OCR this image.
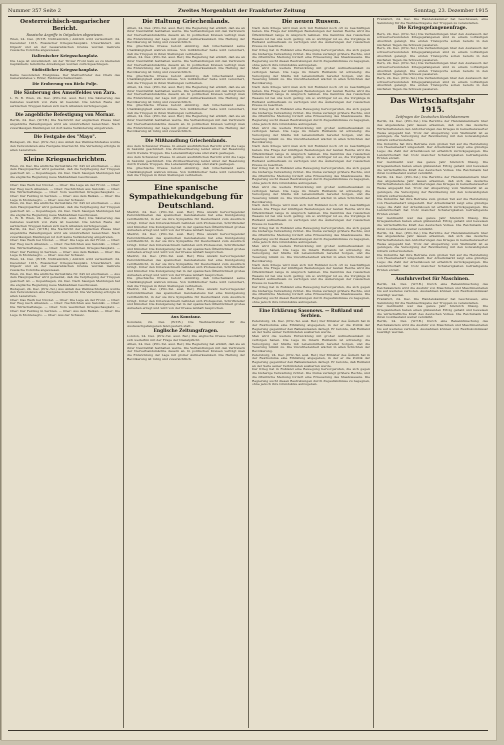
Nummer 357 Seite 2	Zweites Morgenblatt der Frankfurter Zeitung	Sonntag, 23. Dezember 1915
Oesterreichisch-ungarischer Bericht.
Russische Angriffe in Ostgalizien abgewiesen.
Wien, 24. Dez. (W.T.B. Nichtamtlich.) Amtlich wird verlautbart: 24. Dezember 1915. Russischer Kriegsschauplatz. Unverändert. Am Dnjestr und an der bessarabischen Grenze wurden mehrere russische Vorstöße abgewiesen.
Italienischer Kriegsschauplatz.
Die Lage ist unverändert. An der Tiroler Front kam es zu kleineren Geplänkeln; feindliche Abteilungen wurden zurückgeschlagen.
Südöstlicher Kriegsschauplatz.
Keine besonderen Ereignisse. Der Stellvertreter des Chefs des Generalstabes v. Höfer, Feldmarschalleutnant.
Die Eroberung von Bielo Polje.
Die Säuberung des Amselfeldes von Zara.
L. W. B. Wien, 24. Dez. (Priv.-Tel. ausl. Ber.) Die Säuberung des Gebietes westlich von Zara ist beendet. Die letzten Reste der serbischen Truppen haben sich nach Albanien zurückgezogen.
Die angebliche Befestigung von Mornar.
Berlin, 24. Dez. (W.T.B.) Die Nachricht der englischen Presse über angebliche Befestigungen wird als unzutreffend bezeichnet. Nach zuverlässigen Meldungen ist dort keine Veränderung eingetreten.
Die Festgabe des "Mayo".
Budapest, 24. Dez. (Priv.-Tel.) Aus Anlaß des Weihnachtsfestes wurde den Verwundeten eine Festgabe überreicht. Die Verteilung erfolgte in allen Lazaretten.
Kleine Kriegsnachrichten.
Wien, 24. Dez. Die amtliche Verlustliste Nr. 345 ist erschienen. — Aus dem Hauptquartier wird gemeldet, daß die Verpflegung der Truppen gesichert ist. — Kopenhagen, 24. Dez. Nach hiesigen Meldungen hat die englische Regierung neue Maßnahmen beschlossen.
Ober: Das Werk bei Nicolet. — Ober: Die Lage an der Front. — Ober: Der Weg nach Albanien. — Ober: Nachrichten aus Saloniki. — Ober: Die Wirtschaftslage. — Ober: Vom westlichen Kriegsschauplatz. — Ober: Der Feldzug in Serbien. — Ober: Aus dem Balkan. — Ober: Die Lage in Montenegro. — Ober: Aus der Schweiz.
Wien, 24. Dez. Die amtliche Verlustliste Nr. 345 ist erschienen. — Aus dem Hauptquartier wird gemeldet, daß die Verpflegung der Truppen gesichert ist. — Kopenhagen, 24. Dez. Nach hiesigen Meldungen hat die englische Regierung neue Maßnahmen beschlossen.
L. W. B. Wien, 24. Dez. (Priv.-Tel. ausl. Ber.) Die Säuberung des Gebietes westlich von Zara ist beendet. Die letzten Reste der serbischen Truppen haben sich nach Albanien zurückgezogen.
Berlin, 24. Dez. (W.T.B.) Die Nachricht der englischen Presse über angebliche Befestigungen wird als unzutreffend bezeichnet. Nach zuverlässigen Meldungen ist dort keine Veränderung eingetreten.
Ober: Das Werk bei Nicolet. — Ober: Die Lage an der Front. — Ober: Der Weg nach Albanien. — Ober: Nachrichten aus Saloniki. — Ober: Die Wirtschaftslage. — Ober: Vom westlichen Kriegsschauplatz. — Ober: Der Feldzug in Serbien. — Ober: Aus dem Balkan. — Ober: Die Lage in Montenegro. — Ober: Aus der Schweiz.
Wien, 24. Dez. (W.T.B. Nichtamtlich.) Amtlich wird verlautbart: 24. Dezember 1915. Russischer Kriegsschauplatz. Unverändert. Am Dnjestr und an der bessarabischen Grenze wurden mehrere russische Vorstöße abgewiesen.
Wien, 24. Dez. Die amtliche Verlustliste Nr. 345 ist erschienen. — Aus dem Hauptquartier wird gemeldet, daß die Verpflegung der Truppen gesichert ist. — Kopenhagen, 24. Dez. Nach hiesigen Meldungen hat die englische Regierung neue Maßnahmen beschlossen.
Budapest, 24. Dez. (Priv.-Tel.) Aus Anlaß des Weihnachtsfestes wurde den Verwundeten eine Festgabe überreicht. Die Verteilung erfolgte in allen Lazaretten.
Ober: Das Werk bei Nicolet. — Ober: Die Lage an der Front. — Ober: Der Weg nach Albanien. — Ober: Nachrichten aus Saloniki. — Ober: Die Wirtschaftslage. — Ober: Vom westlichen Kriegsschauplatz. — Ober: Der Feldzug in Serbien. — Ober: Aus dem Balkan. — Ober: Die Lage in Montenegro. — Ober: Aus der Schweiz.
Die Haltung Griechenlands.
Athen, 24. Dez. (Priv.-Tel. ausl. Ber.) Die Regierung hat erklärt, daß sie an ihrer Neutralität festhalten werde. Die Verhandlungen mit den Vertretern der Vierverbandsmächte dauern an. In politischen Kreisen verfolgt man die Entwicklung der Lage mit großer Aufmerksamkeit. Die Haltung der Bevölkerung ist ruhig und zuversichtlich.
Die griechische Presse betont einmütig, daß Griechenland seine Unabhängigkeit wahren müsse. Von militärischer Seite wird versichert, daß die Truppen in ihren Stellungen verbleiben.
Athen, 24. Dez. (Priv.-Tel. ausl. Ber.) Die Regierung hat erklärt, daß sie an ihrer Neutralität festhalten werde. Die Verhandlungen mit den Vertretern der Vierverbandsmächte dauern an. In politischen Kreisen verfolgt man die Entwicklung der Lage mit großer Aufmerksamkeit. Die Haltung der Bevölkerung ist ruhig und zuversichtlich.
Die griechische Presse betont einmütig, daß Griechenland seine Unabhängigkeit wahren müsse. Von militärischer Seite wird versichert, daß die Truppen in ihren Stellungen verbleiben.
Athen, 24. Dez. (Priv.-Tel. ausl. Ber.) Die Regierung hat erklärt, daß sie an ihrer Neutralität festhalten werde. Die Verhandlungen mit den Vertretern der Vierverbandsmächte dauern an. In politischen Kreisen verfolgt man die Entwicklung der Lage mit großer Aufmerksamkeit. Die Haltung der Bevölkerung ist ruhig und zuversichtlich.
Die griechische Presse betont einmütig, daß Griechenland seine Unabhängigkeit wahren müsse. Von militärischer Seite wird versichert, daß die Truppen in ihren Stellungen verbleiben.
Athen, 24. Dez. (Priv.-Tel. ausl. Ber.) Die Regierung hat erklärt, daß sie an ihrer Neutralität festhalten werde. Die Verhandlungen mit den Vertretern der Vierverbandsmächte dauern an. In politischen Kreisen verfolgt man die Entwicklung der Lage mit großer Aufmerksamkeit. Die Haltung der Bevölkerung ist ruhig und zuversichtlich.
Die Mißhandlung Griechenlands.
Aus dem Schweizer Presse. In einem ausführlichen Bericht wird die Lage in Saloniki geschildert. Die Zivilbevölkerung leidet unter der Besetzung durch fremde Truppen. Die Lebensmittelpreise sind stark gestiegen.
Aus dem Schweizer Presse. In einem ausführlichen Bericht wird die Lage in Saloniki geschildert. Die Zivilbevölkerung leidet unter der Besetzung durch fremde Truppen. Die Lebensmittelpreise sind stark gestiegen.
Die griechische Presse betont einmütig, daß Griechenland seine Unabhängigkeit wahren müsse. Von militärischer Seite wird versichert, daß die Truppen in ihren Stellungen verbleiben.
Eine spanische Sympathiekundgebung für Deutschland.
Madrid, 24. Dez. (Priv.-Tel. ausl. Ber.) Eine Anzahl hervorragender Persönlichkeiten des spanischen Geisteslebens hat eine Kundgebung veröffentlicht, in der sie ihre Sympathie für Deutschland zum Ausdruck bringt. Unter den Unterzeichnern befinden sich Professoren, Schriftsteller und Künstler. Die Kundgebung hat in der spanischen Öffentlichkeit großes Aufsehen erregt und wird von der Presse lebhaft besprochen.
Madrid, 24. Dez. (Priv.-Tel. ausl. Ber.) Eine Anzahl hervorragender Persönlichkeiten des spanischen Geisteslebens hat eine Kundgebung veröffentlicht, in der sie ihre Sympathie für Deutschland zum Ausdruck bringt. Unter den Unterzeichnern befinden sich Professoren, Schriftsteller und Künstler. Die Kundgebung hat in der spanischen Öffentlichkeit großes Aufsehen erregt und wird von der Presse lebhaft besprochen.
Madrid, 24. Dez. (Priv.-Tel. ausl. Ber.) Eine Anzahl hervorragender Persönlichkeiten des spanischen Geisteslebens hat eine Kundgebung veröffentlicht, in der sie ihre Sympathie für Deutschland zum Ausdruck bringt. Unter den Unterzeichnern befinden sich Professoren, Schriftsteller und Künstler. Die Kundgebung hat in der spanischen Öffentlichkeit großes Aufsehen erregt und wird von der Presse lebhaft besprochen.
Die griechische Presse betont einmütig, daß Griechenland seine Unabhängigkeit wahren müsse. Von militärischer Seite wird versichert, daß die Truppen in ihren Stellungen verbleiben.
Madrid, 24. Dez. (Priv.-Tel. ausl. Ber.) Eine Anzahl hervorragender Persönlichkeiten des spanischen Geisteslebens hat eine Kundgebung veröffentlicht, in der sie ihre Sympathie für Deutschland zum Ausdruck bringt. Unter den Unterzeichnern befinden sich Professoren, Schriftsteller und Künstler. Die Kundgebung hat in der spanischen Öffentlichkeit großes Aufsehen erregt und wird von der Presse lebhaft besprochen.
Aus Konstanz.
Konstanz, 24. Dez. (W.T.B.) Die Weihnachtsfeier für die Austauschgefangenen fand gestern statt.
Englische Zeitungsfragen.
London, 24. Dez. (Priv.-Tel. ausl. Ber.) Die englische Presse beschäftigt sich weiterhin mit der Frage der Dienstpflicht.
Athen, 24. Dez. (Priv.-Tel. ausl. Ber.) Die Regierung hat erklärt, daß sie an ihrer Neutralität festhalten werde. Die Verhandlungen mit den Vertretern der Vierverbandsmächte dauern an. In politischen Kreisen verfolgt man die Entwicklung der Lage mit großer Aufmerksamkeit. Die Haltung der Bevölkerung ist ruhig und zuversichtlich.
Die neuen Russen.
Nach dem Kriege wird man sich mit Rußland noch oft zu beschäftigen haben. Die Frage der künftigen Beziehungen der beiden Reiche wird die Öffentlichkeit lange in Anspruch nehmen. Die Kenntnis des russischen Wesens ist bei uns noch gering; um so wichtiger ist es, die Vorgänge in Rußland aufmerksam zu verfolgen und die Äußerungen der russischen Presse zu beachten.
Der Krieg hat in Rußland eine Bewegung hervorgerufen, die sich gegen die bisherige Verwaltung richtet. Die Duma verlangt größere Rechte, und die öffentliche Meinung fordert eine Erneuerung des Staatswesens. Die Regierung sucht diesen Bestrebungen durch Zugeständnisse zu begegnen, ohne jedoch ihre Grundsätze aufzugeben.
Man wird die weitere Entwicklung mit großer Aufmerksamkeit zu verfolgen haben. Die Lage im Innern Rußlands ist schwierig; die Versorgung der Städte mit Lebensmitteln bereitet Sorgen, und die Teuerung nimmt zu. Die Unzufriedenheit wächst in allen Schichten der Bevölkerung.
Nach dem Kriege wird man sich mit Rußland noch oft zu beschäftigen haben. Die Frage der künftigen Beziehungen der beiden Reiche wird die Öffentlichkeit lange in Anspruch nehmen. Die Kenntnis des russischen Wesens ist bei uns noch gering; um so wichtiger ist es, die Vorgänge in Rußland aufmerksam zu verfolgen und die Äußerungen der russischen Presse zu beachten.
Der Krieg hat in Rußland eine Bewegung hervorgerufen, die sich gegen die bisherige Verwaltung richtet. Die Duma verlangt größere Rechte, und die öffentliche Meinung fordert eine Erneuerung des Staatswesens. Die Regierung sucht diesen Bestrebungen durch Zugeständnisse zu begegnen, ohne jedoch ihre Grundsätze aufzugeben.
Man wird die weitere Entwicklung mit großer Aufmerksamkeit zu verfolgen haben. Die Lage im Innern Rußlands ist schwierig; die Versorgung der Städte mit Lebensmitteln bereitet Sorgen, und die Teuerung nimmt zu. Die Unzufriedenheit wächst in allen Schichten der Bevölkerung.
Nach dem Kriege wird man sich mit Rußland noch oft zu beschäftigen haben. Die Frage der künftigen Beziehungen der beiden Reiche wird die Öffentlichkeit lange in Anspruch nehmen. Die Kenntnis des russischen Wesens ist bei uns noch gering; um so wichtiger ist es, die Vorgänge in Rußland aufmerksam zu verfolgen und die Äußerungen der russischen Presse zu beachten.
Der Krieg hat in Rußland eine Bewegung hervorgerufen, die sich gegen die bisherige Verwaltung richtet. Die Duma verlangt größere Rechte, und die öffentliche Meinung fordert eine Erneuerung des Staatswesens. Die Regierung sucht diesen Bestrebungen durch Zugeständnisse zu begegnen, ohne jedoch ihre Grundsätze aufzugeben.
Man wird die weitere Entwicklung mit großer Aufmerksamkeit zu verfolgen haben. Die Lage im Innern Rußlands ist schwierig; die Versorgung der Städte mit Lebensmitteln bereitet Sorgen, und die Teuerung nimmt zu. Die Unzufriedenheit wächst in allen Schichten der Bevölkerung.
Nach dem Kriege wird man sich mit Rußland noch oft zu beschäftigen haben. Die Frage der künftigen Beziehungen der beiden Reiche wird die Öffentlichkeit lange in Anspruch nehmen. Die Kenntnis des russischen Wesens ist bei uns noch gering; um so wichtiger ist es, die Vorgänge in Rußland aufmerksam zu verfolgen und die Äußerungen der russischen Presse zu beachten.
Der Krieg hat in Rußland eine Bewegung hervorgerufen, die sich gegen die bisherige Verwaltung richtet. Die Duma verlangt größere Rechte, und die öffentliche Meinung fordert eine Erneuerung des Staatswesens. Die Regierung sucht diesen Bestrebungen durch Zugeständnisse zu begegnen, ohne jedoch ihre Grundsätze aufzugeben.
Man wird die weitere Entwicklung mit großer Aufmerksamkeit zu verfolgen haben. Die Lage im Innern Rußlands ist schwierig; die Versorgung der Städte mit Lebensmitteln bereitet Sorgen, und die Teuerung nimmt zu. Die Unzufriedenheit wächst in allen Schichten der Bevölkerung.
Nach dem Kriege wird man sich mit Rußland noch oft zu beschäftigen haben. Die Frage der künftigen Beziehungen der beiden Reiche wird die Öffentlichkeit lange in Anspruch nehmen. Die Kenntnis des russischen Wesens ist bei uns noch gering; um so wichtiger ist es, die Vorgänge in Rußland aufmerksam zu verfolgen und die Äußerungen der russischen Presse zu beachten.
Der Krieg hat in Rußland eine Bewegung hervorgerufen, die sich gegen die bisherige Verwaltung richtet. Die Duma verlangt größere Rechte, und die öffentliche Meinung fordert eine Erneuerung des Staatswesens. Die Regierung sucht diesen Bestrebungen durch Zugeständnisse zu begegnen, ohne jedoch ihre Grundsätze aufzugeben.
Eine Erklärung Sasonows. — Rußland und Serbien.
Petersburg, 24. Dez. (Priv.-Tel. ausl. Ber.) Der Minister des Äußern hat in der Reichsduma eine Erklärung abgegeben, in der er die Politik der Regierung gegenüber den Balkanstaaten darlegt. Er betonte, daß Rußland an der Seite seiner Verbündeten ausharren werde.
Man wird die weitere Entwicklung mit großer Aufmerksamkeit zu verfolgen haben. Die Lage im Innern Rußlands ist schwierig; die Versorgung der Städte mit Lebensmitteln bereitet Sorgen, und die Teuerung nimmt zu. Die Unzufriedenheit wächst in allen Schichten der Bevölkerung.
Petersburg, 24. Dez. (Priv.-Tel. ausl. Ber.) Der Minister des Äußern hat in der Reichsduma eine Erklärung abgegeben, in der er die Politik der Regierung gegenüber den Balkanstaaten darlegt. Er betonte, daß Rußland an der Seite seiner Verbündeten ausharren werde.
Der Krieg hat in Rußland eine Bewegung hervorgerufen, die sich gegen die bisherige Verwaltung richtet. Die Duma verlangt größere Rechte, und die öffentliche Meinung fordert eine Erneuerung des Staatswesens. Die Regierung sucht diesen Bestrebungen durch Zugeständnisse zu begegnen, ohne jedoch ihre Grundsätze aufzugeben.
Frankfurt, 24. Dez. Die Handelskammer hat beschlossen, eine Sammlung für die Weihnachtsgabe der Truppen zu veranstalten.
Die Kriegsgefangenenfrage.
Bern, 24. Dez. (Priv.-Tel.) Die Verhandlungen über den Austausch der schwerverwundeten Kriegsgefangenen sind zu einem vorläufigen Abschluß gelangt. Die ersten Transporte sollen bereits in den nächsten Tagen die Schweiz passieren.
Bern, 24. Dez. (Priv.-Tel.) Die Verhandlungen über den Austausch der schwerverwundeten Kriegsgefangenen sind zu einem vorläufigen Abschluß gelangt. Die ersten Transporte sollen bereits in den nächsten Tagen die Schweiz passieren.
Bern, 24. Dez. (Priv.-Tel.) Die Verhandlungen über den Austausch der schwerverwundeten Kriegsgefangenen sind zu einem vorläufigen Abschluß gelangt. Die ersten Transporte sollen bereits in den nächsten Tagen die Schweiz passieren.
Bern, 24. Dez. (Priv.-Tel.) Die Verhandlungen über den Austausch der schwerverwundeten Kriegsgefangenen sind zu einem vorläufigen Abschluß gelangt. Die ersten Transporte sollen bereits in den nächsten Tagen die Schweiz passieren.
Das Wirtschaftsjahr 1915.
Zeitfragen der Deutschen Handelskammern
Berlin, 24. Dez. (Priv.-Tel.) Die Berichte der Handelskammern über das abgelaufene Jahr lassen erkennen, daß sich das deutsche Wirtschaftsleben den Anforderungen des Krieges in bemerkenswerter Weise angepaßt hat. Trotz der Absperrung vom Weltmarkt ist es gelungen, die Versorgung der Bevölkerung mit den notwendigsten Gütern sicherzustellen.
Die Industrie hat ihre Betriebe zum großen Teil auf die Herstellung von Heeresbedarf umgestellt. Der Arbeitsmarkt zeigt eine günstige Lage; die Zahl der Arbeitslosen ist erheblich zurückgegangen. Die Landwirtschaft hat trotz mancher Schwierigkeiten befriedigende Ernten erzielt.
Der Geldmarkt war das ganze Jahr hindurch flüssig. Die Kriegsanleihen haben einen glänzenden Erfolg gehabt und beweisen die wirtschaftliche Kraft des deutschen Volkes. Die Reichsbank hat ihren Goldbestand weiter verstärkt.
Berlin, 24. Dez. (Priv.-Tel.) Die Berichte der Handelskammern über das abgelaufene Jahr lassen erkennen, daß sich das deutsche Wirtschaftsleben den Anforderungen des Krieges in bemerkenswerter Weise angepaßt hat. Trotz der Absperrung vom Weltmarkt ist es gelungen, die Versorgung der Bevölkerung mit den notwendigsten Gütern sicherzustellen.
Die Industrie hat ihre Betriebe zum großen Teil auf die Herstellung von Heeresbedarf umgestellt. Der Arbeitsmarkt zeigt eine günstige Lage; die Zahl der Arbeitslosen ist erheblich zurückgegangen. Die Landwirtschaft hat trotz mancher Schwierigkeiten befriedigende Ernten erzielt.
Der Geldmarkt war das ganze Jahr hindurch flüssig. Die Kriegsanleihen haben einen glänzenden Erfolg gehabt und beweisen die wirtschaftliche Kraft des deutschen Volkes. Die Reichsbank hat ihren Goldbestand weiter verstärkt.
Berlin, 24. Dez. (Priv.-Tel.) Die Berichte der Handelskammern über das abgelaufene Jahr lassen erkennen, daß sich das deutsche Wirtschaftsleben den Anforderungen des Krieges in bemerkenswerter Weise angepaßt hat. Trotz der Absperrung vom Weltmarkt ist es gelungen, die Versorgung der Bevölkerung mit den notwendigsten Gütern sicherzustellen.
Die Industrie hat ihre Betriebe zum großen Teil auf die Herstellung von Heeresbedarf umgestellt. Der Arbeitsmarkt zeigt eine günstige Lage; die Zahl der Arbeitslosen ist erheblich zurückgegangen. Die Landwirtschaft hat trotz mancher Schwierigkeiten befriedigende Ernten erzielt.
Ausfuhrverbot für Maschinen.
Berlin, 24. Dez. (W.T.B.) Durch eine Bekanntmachung des Reichskanzlers wird die Ausfuhr von Maschinen und Maschinenteilen bis auf weiteres verboten. Ausnahmen können vom Reichskommissar bewilligt werden.
Frankfurt, 24. Dez. Die Handelskammer hat beschlossen, eine Sammlung für die Weihnachtsgabe der Truppen zu veranstalten.
Der Geldmarkt war das ganze Jahr hindurch flüssig. Die Kriegsanleihen haben einen glänzenden Erfolg gehabt und beweisen die wirtschaftliche Kraft des deutschen Volkes. Die Reichsbank hat ihren Goldbestand weiter verstärkt.
Berlin, 24. Dez. (W.T.B.) Durch eine Bekanntmachung des Reichskanzlers wird die Ausfuhr von Maschinen und Maschinenteilen bis auf weiteres verboten. Ausnahmen können vom Reichskommissar bewilligt werden.
